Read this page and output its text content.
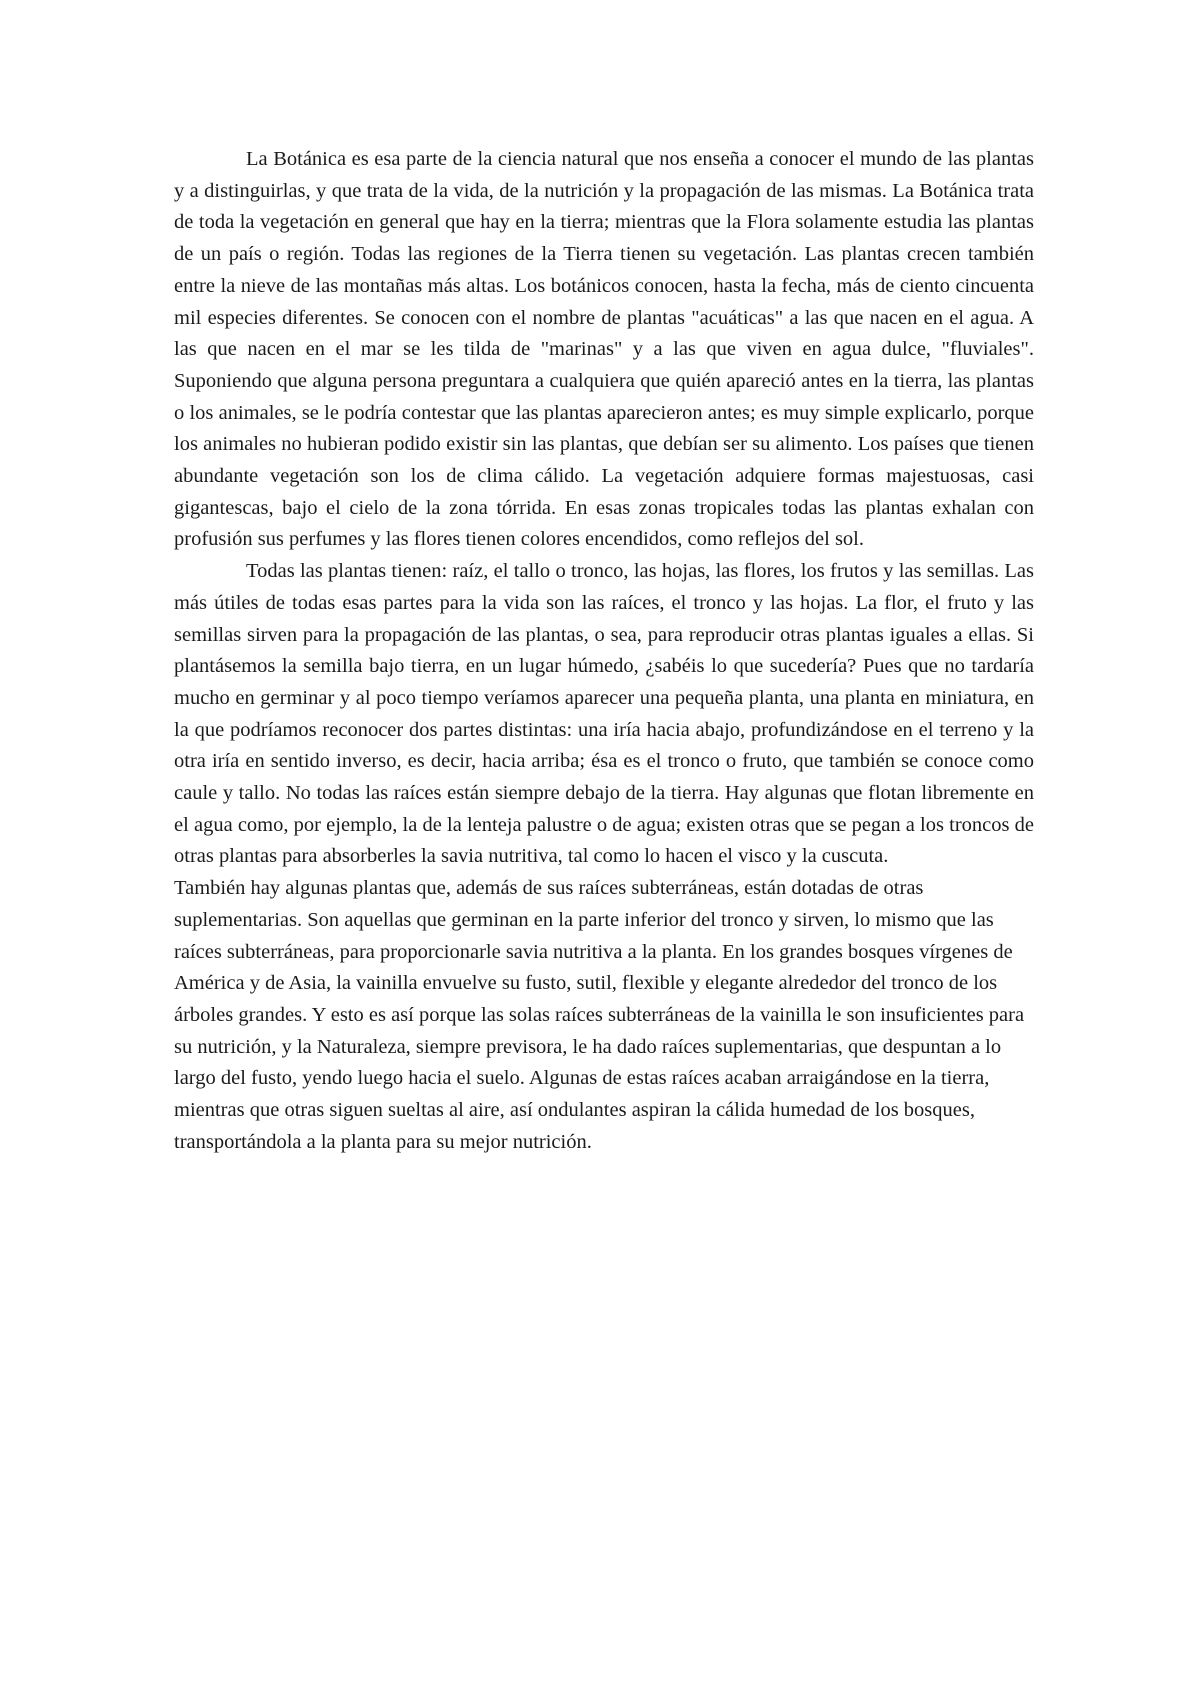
La Botánica es esa parte de la ciencia natural que nos enseña a conocer el mundo de las plantas y a distinguirlas, y que trata de la vida, de la nutrición y la propagación de las mismas. La Botánica trata de toda la vegetación en general que hay en la tierra; mientras que la Flora solamente estudia las plantas de un país o región. Todas las regiones de la Tierra tienen su vegetación. Las plantas crecen también entre la nieve de las montañas más altas. Los botánicos conocen, hasta la fecha, más de ciento cincuenta mil especies diferentes. Se conocen con el nombre de plantas "acuáticas" a las que nacen en el agua. A las que nacen en el mar se les tilda de "marinas" y a las que viven en agua dulce, "fluviales". Suponiendo que alguna persona preguntara a cualquiera que quién apareció antes en la tierra, las plantas o los animales, se le podría contestar que las plantas aparecieron antes; es muy simple explicarlo, porque los animales no hubieran podido existir sin las plantas, que debían ser su alimento. Los países que tienen abundante vegetación son los de clima cálido. La vegetación adquiere formas majestuosas, casi gigantescas, bajo el cielo de la zona tórrida. En esas zonas tropicales todas las plantas exhalan con profusión sus perfumes y las flores tienen colores encendidos, como reflejos del sol.

Todas las plantas tienen: raíz, el tallo o tronco, las hojas, las flores, los frutos y las semillas. Las más útiles de todas esas partes para la vida son las raíces, el tronco y las hojas. La flor, el fruto y las semillas sirven para la propagación de las plantas, o sea, para reproducir otras plantas iguales a ellas. Si plantásemos la semilla bajo tierra, en un lugar húmedo, ¿sabéis lo que sucedería? Pues que no tardaría mucho en germinar y al poco tiempo veríamos aparecer una pequeña planta, una planta en miniatura, en la que podríamos reconocer dos partes distintas: una iría hacia abajo, profundizándose en el terreno y la otra iría en sentido inverso, es decir, hacia arriba; ésa es el tronco o fruto, que también se conoce como caule y tallo. No todas las raíces están siempre debajo de la tierra. Hay algunas que flotan libremente en el agua como, por ejemplo, la de la lenteja palustre o de agua; existen otras que se pegan a los troncos de otras plantas para absorberles la savia nutritiva, tal como lo hacen el visco y la cuscuta.

También hay algunas plantas que, además de sus raíces subterráneas, están dotadas de otras suplementarias. Son aquellas que germinan en la parte inferior del tronco y sirven, lo mismo que las raíces subterráneas, para proporcionarle savia nutritiva a la planta. En los grandes bosques vírgenes de América y de Asia, la vainilla envuelve su fusto, sutil, flexible y elegante alrededor del tronco de los árboles grandes. Y esto es así porque las solas raíces subterráneas de la vainilla le son insuficientes para su nutrición, y la Naturaleza, siempre previsora, le ha dado raíces suplementarias, que despuntan a lo largo del fusto, yendo luego hacia el suelo. Algunas de estas raíces acaban arraigándose en la tierra, mientras que otras siguen sueltas al aire, así ondulantes aspiran la cálida humedad de los bosques, transportándola a la planta para su mejor nutrición.
